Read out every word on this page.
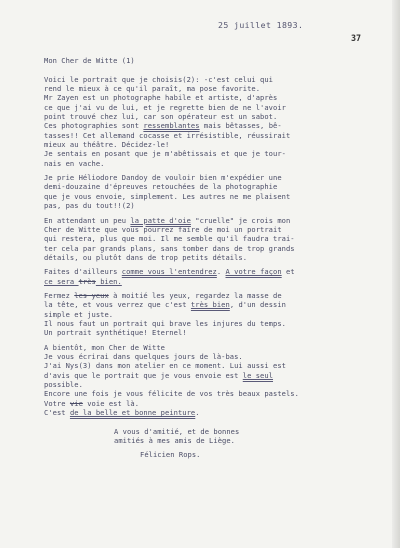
25 juillet 1893.
37
Mon Cher de Witte (1)
Voici le portrait que je choisis(2): -c'est celui qui
rend le mieux à ce qu'il paraît, ma pose favorite.
Mr Zayen est un photographe habile et artiste, d'après
ce que j'ai vu de lui, et je regrette bien de ne l'avoir
point trouvé chez lui, car son opérateur est un sabot.
Ces photographies sont ressemblantes mais bêtasses, bê-
tasses!! Cet allemand cocasse et irrésistible, réussirait
mieux au théâtre. Décidez-le!
Je sentais en posant que je m'abêtissais et que je tour-
nais en vache.
Je prie Héliodore Dandoy de vouloir bien m'expédier une
demi-douzaine d'épreuves retouchées de la photographie
que je vous envoie, simplement. Les autres ne me plaisent
pas, pas du tout!!(2)
En attendant un peu la patte d'oie "cruelle" je crois mon
Cher de Witte que vous pourrez faire de moi un portrait
qui restera, plus que moi. Il me semble qu'il faudra trai-
ter cela par grands plans, sans tomber dans de trop grands
détails, ou plutôt dans de trop petits détails.
Faites d'ailleurs comme vous l'entendrez. A votre façon et
ce sera très bien.
Fermez les yeux à moitié les yeux, regardez la masse de
la tête, et vous verrez que c'est très bien, d'un dessin
simple et juste.
Il nous faut un portrait qui brave les injures du temps.
Un portrait synthétique! Eternel!
A bientôt, mon Cher de Witte
Je vous écrirai dans quelques jours de là-bas.
J'ai Nys(3) dans mon atelier en ce moment. Lui aussi est
d'avis que le portrait que je vous envoie est le seul
possible.
Encore une fois je vous félicite de vos très beaux pastels.
Votre vie voie est là.
C'est de la belle et bonne peinture.
A vous d'amitié, et de bonnes
amitiés à mes amis de Liège.
Félicien Rops.
